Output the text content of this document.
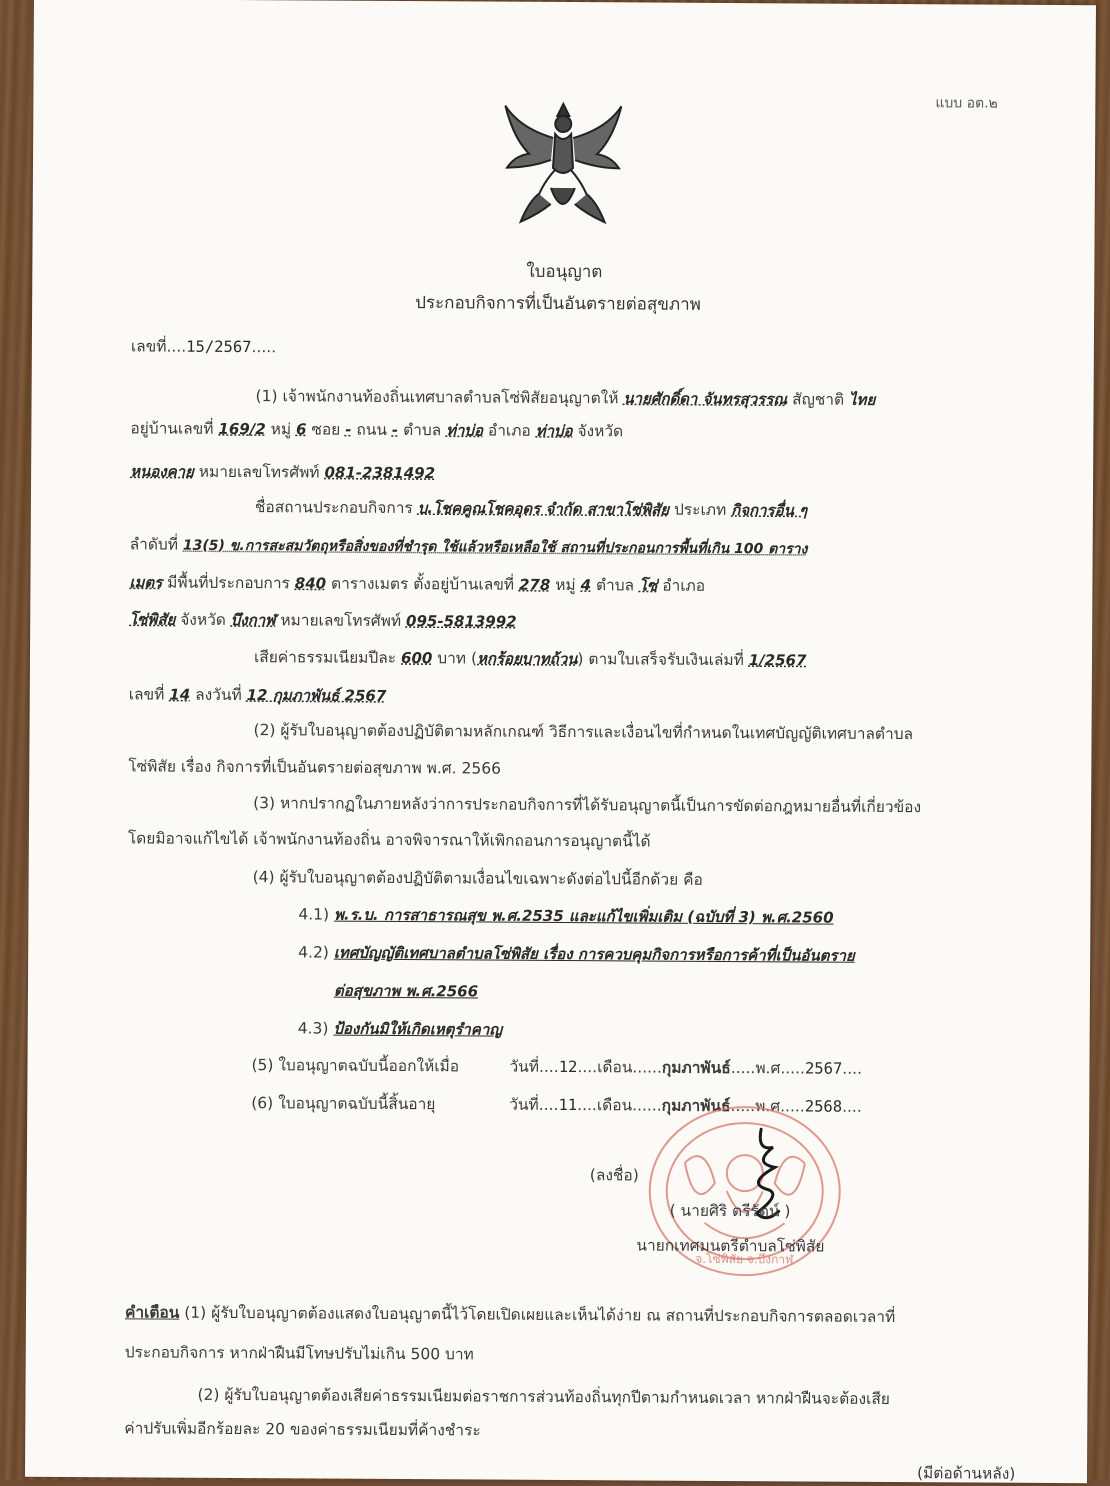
แบบ อต.๒
ใบอนุญาต
ประกอบกิจการที่เป็นอันตรายต่อสุขภาพ
เลขที่....15/2567.....
(1) เจ้าพนักงานท้องถิ่นเทศบาลตำบลโซ่พิสัยอนุญาตให้ นายศักดิ์ดา จันทรสุวรรณ สัญชาติ ไทย
อยู่บ้านเลขที่ 169/2 หมู่ 6 ซอย - ถนน - ตำบล ท่าบ่อ อำเภอ ท่าบ่อ จังหวัด
หนองคาย หมายเลขโทรศัพท์ 081-2381492
ชื่อสถานประกอบกิจการ บ.โชคคูณโชคอุดร จำกัด สาขาโซ่พิสัย ประเภท กิจการอื่น ๆ
ลำดับที่ 13(5) ข.การสะสมวัตถุหรือสิ่งของที่ชำรุด ใช้แล้วหรือเหลือใช้ สถานที่ประกอนการพื้นที่เกิน 100 ตาราง
เมตร มีพื้นที่ประกอบการ 840 ตารางเมตร ตั้งอยู่บ้านเลขที่ 278 หมู่ 4 ตำบล โซ่ อำเภอ
โซ่พิสัย จังหวัด บึงกาฬ หมายเลขโทรศัพท์ 095-5813992
เสียค่าธรรมเนียมปีละ 600 บาท (หกร้อยบาทถ้วน) ตามใบเสร็จรับเงินเล่มที่ 1/2567
เลขที่ 14 ลงวันที่ 12 กุมภาพันธ์ 2567
(2) ผู้รับใบอนุญาตต้องปฏิบัติตามหลักเกณฑ์ วิธีการและเงื่อนไขที่กำหนดในเทศบัญญัติเทศบาลตำบล
โซ่พิสัย เรื่อง กิจการที่เป็นอันตรายต่อสุขภาพ พ.ศ. 2566
(3) หากปรากฏในภายหลังว่าการประกอบกิจการที่ได้รับอนุญาตนี้เป็นการขัดต่อกฎหมายอื่นที่เกี่ยวข้อง
โดยมิอาจแก้ไขได้ เจ้าพนักงานท้องถิ่น อาจพิจารณาให้เพิกถอนการอนุญาตนี้ได้
(4) ผู้รับใบอนุญาตต้องปฏิบัติตามเงื่อนไขเฉพาะดังต่อไปนี้อีกด้วย คือ
4.1) พ.ร.บ. การสาธารณสุข พ.ศ.2535 และแก้ไขเพิ่มเติม (ฉบับที่ 3) พ.ศ.2560
4.2) เทศบัญญัติเทศบาลตำบลโซ่พิสัย เรื่อง การควบคุมกิจการหรือการค้าที่เป็นอันตราย
ต่อสุขภาพ พ.ศ.2566
4.3) ป้องกันมิให้เกิดเหตุรำคาญ
(5) ใบอนุญาตฉบับนี้ออกให้เมื่อ	วันที่....12....เดือน......กุมภาพันธ์.....พ.ศ.....2567....
(6) ใบอนุญาตฉบับนี้สิ้นอายุ	วันที่....11....เดือน......กุมภาพันธ์.....พ.ศ.....2568....
จ.โซ่พิสัย จ.บึงกาฬ
(ลงชื่อ)
( นายศิริ ตรีรัตน์ )
นายกเทศมนตรีตำบลโซ่พิสัย
คำเตือน (1) ผู้รับใบอนุญาตต้องแสดงใบอนุญาตนี้ไว้โดยเปิดเผยและเห็นได้ง่าย ณ สถานที่ประกอบกิจการตลอดเวลาที่
ประกอบกิจการ หากฝ่าฝืนมีโทษปรับไม่เกิน 500 บาท
(2) ผู้รับใบอนุญาตต้องเสียค่าธรรมเนียมต่อราชการส่วนท้องถิ่นทุกปีตามกำหนดเวลา หากฝ่าฝืนจะต้องเสีย
ค่าปรับเพิ่มอีกร้อยละ 20 ของค่าธรรมเนียมที่ค้างชำระ
(มีต่อด้านหลัง)
